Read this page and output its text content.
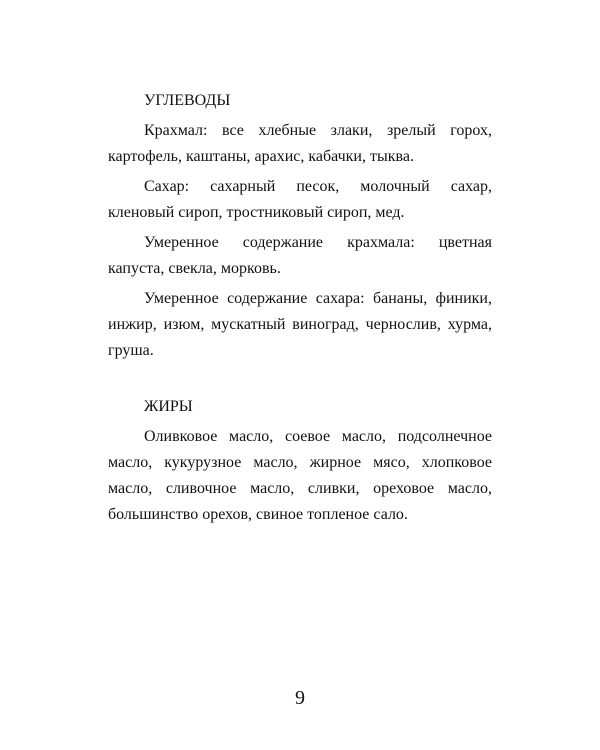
УГЛЕВОДЫ

Крахмал: все хлебные злаки, зрелый горох, картофель, каштаны, арахис, кабачки, тыква.

Сахар: сахарный песок, молочный сахар, кленовый сироп, тростниковый сироп, мед.

Умеренное содержание крахмала: цветная капуста, свекла, морковь.

Умеренное содержание сахара: бананы, финики, инжир, изюм, мускатный виноград, чернослив, хурма, груша.

ЖИРЫ

Оливковое масло, соевое масло, подсолнечное масло, кукурузное масло, жирное мясо, хлопковое масло, сливочное масло, сливки, ореховое масло, большинство орехов, свиное топленое сало.

9
